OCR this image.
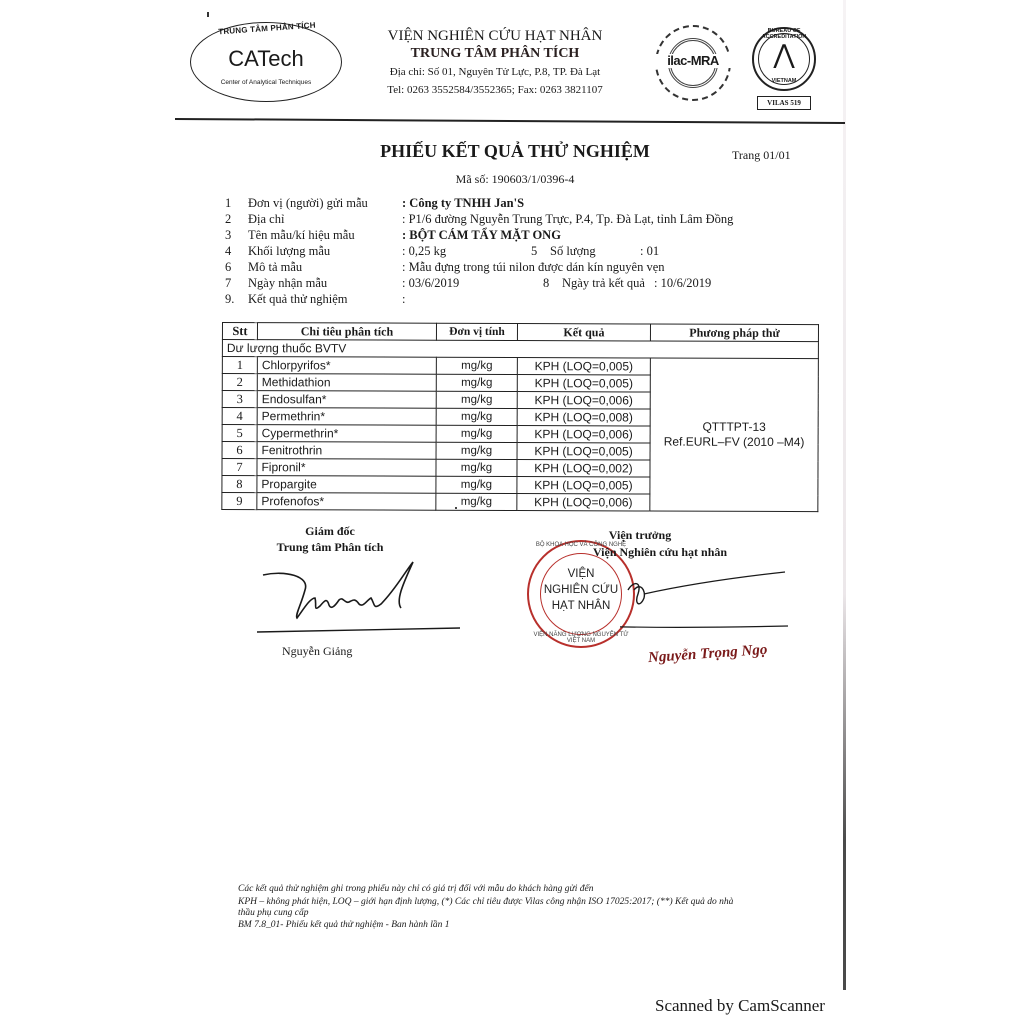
TRUNG TÂM PHÂN TÍCH
CATech
Center of Analytical Techniques
VIỆN NGHIÊN CỨU HẠT NHÂN
TRUNG TÂM PHÂN TÍCH
Địa chỉ: Số 01, Nguyên Tử Lực, P.8, TP. Đà Lạt
Tel: 0263 3552584/3552365; Fax: 0263 3821107
ilac-MRA
BUREAU OF ACCREDITATION
⋀
VIETNAM
VILAS 519
PHIẾU KẾT QUẢ THỬ NGHIỆM	Trang 01/01
Mã số: 190603/1/0396-4
1	Đơn vị (người) gửi mẫu	: Công ty TNHH Jan'S
2	Địa chỉ	: P1/6 đường Nguyễn Trung Trực, P.4, Tp. Đà Lạt, tỉnh Lâm Đồng
3	Tên mẫu/kí hiệu mẫu	: BỘT CÁM TẨY MẶT ONG
4	Khối lượng mẫu	: 0,25 kg	5 Số lượng	: 01
6	Mô tả mẫu	: Mẫu đựng trong túi nilon được dán kín nguyên vẹn
7	Ngày nhận mẫu	: 03/6/2019	8 Ngày trả kết quả : 10/6/2019
9. Kết quả thử nghiệm	:
Stt	Chỉ tiêu phân tích	Đơn vị tính	Kết quả	Phương pháp thử
Dư lượng thuốc BVTV				
1	Chlorpyrifos*	mg/kg	KPH (LOQ=0,005)	QTTTPT-13
Ref.EURL–FV (2010 –M4)

2	Methidathion	mg/kg	KPH (LOQ=0,005)	
3	Endosulfan*	mg/kg	KPH (LOQ=0,006)	
4	Permethrin*	mg/kg	KPH (LOQ=0,008)	
5	Cypermethrin*	mg/kg	KPH (LOQ=0,006)	
6	Fenitrothrin	mg/kg	KPH (LOQ=0,005)	
7	Fipronil*	mg/kg	KPH (LOQ=0,002)	
8	Propargite	mg/kg	KPH (LOQ=0,005)	
9	Profenofos*	mg/kg	KPH (LOQ=0,006)	
Giám đốc
Trung tâm Phân tích
Nguyễn Giảng
Viện trưởng
BỘ KHOA HỌC VÀ CÔNG NGHỆ
VIỆN
NGHIÊN CỨU
HẠT NHÂN
VIỆN NĂNG LƯỢNG NGUYÊN TỬ VIỆT NAM
Viện Nghiên cứu hạt nhân
Nguyễn Trọng Ngọ
Các kết quả thử nghiệm ghi trong phiếu này chỉ có giá trị đối với mẫu do khách hàng gửi đến
KPH – không phát hiện, LOQ – giới hạn định lượng, (*) Các chỉ tiêu được Vilas công nhận ISO 17025:2017; (**) Kết quả do nhà
thầu phụ cung cấp
BM 7.8_01- Phiếu kết quả thử nghiệm - Ban hành lần 1
Scanned by CamScanner
